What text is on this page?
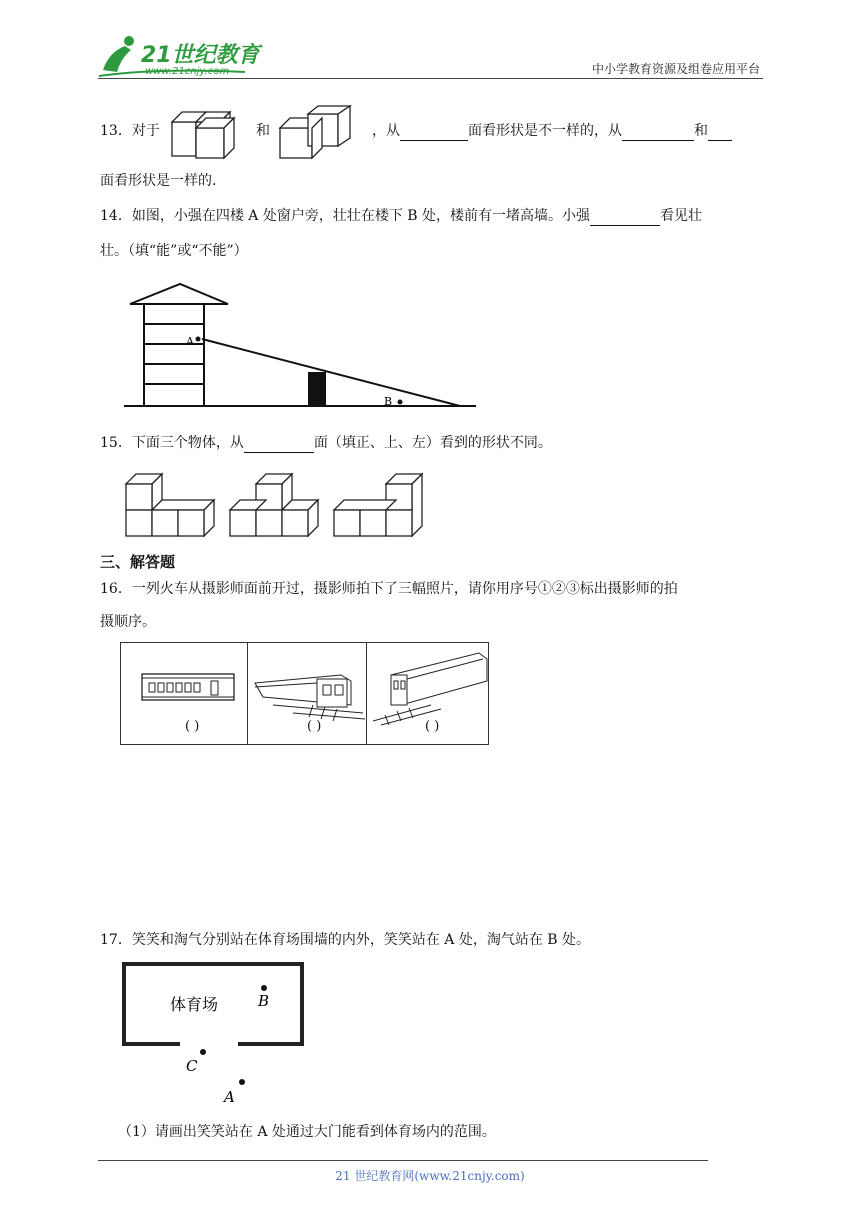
21世纪教育
www.21cnjy.com	中小学教育资源及组卷应用平台
13．对于	和	，从	面看形状是不一样的，从	和
面看形状是一样的.
14．如图，小强在四楼 A 处窗户旁，壮壮在楼下 B 处，楼前有一堵高墙。小强	看见壮
壮。（填“能”或“不能”）
A
B
15．下面三个物体，从	面（填正、上、左）看到的形状不同。
三、解答题
16．一列火车从摄影师面前开过，摄影师拍下了三幅照片，请你用序号①②③标出摄影师的拍
摄顺序。
( )	( )	( )
17．笑笑和淘气分别站在体育场围墙的内外，笑笑站在 A 处，淘气站在 B 处。
体育场	B
C
A
（1）请画出笑笑站在 A 处通过大门能看到体育场内的范围。
21 世纪教育网(www.21cnjy.com)
